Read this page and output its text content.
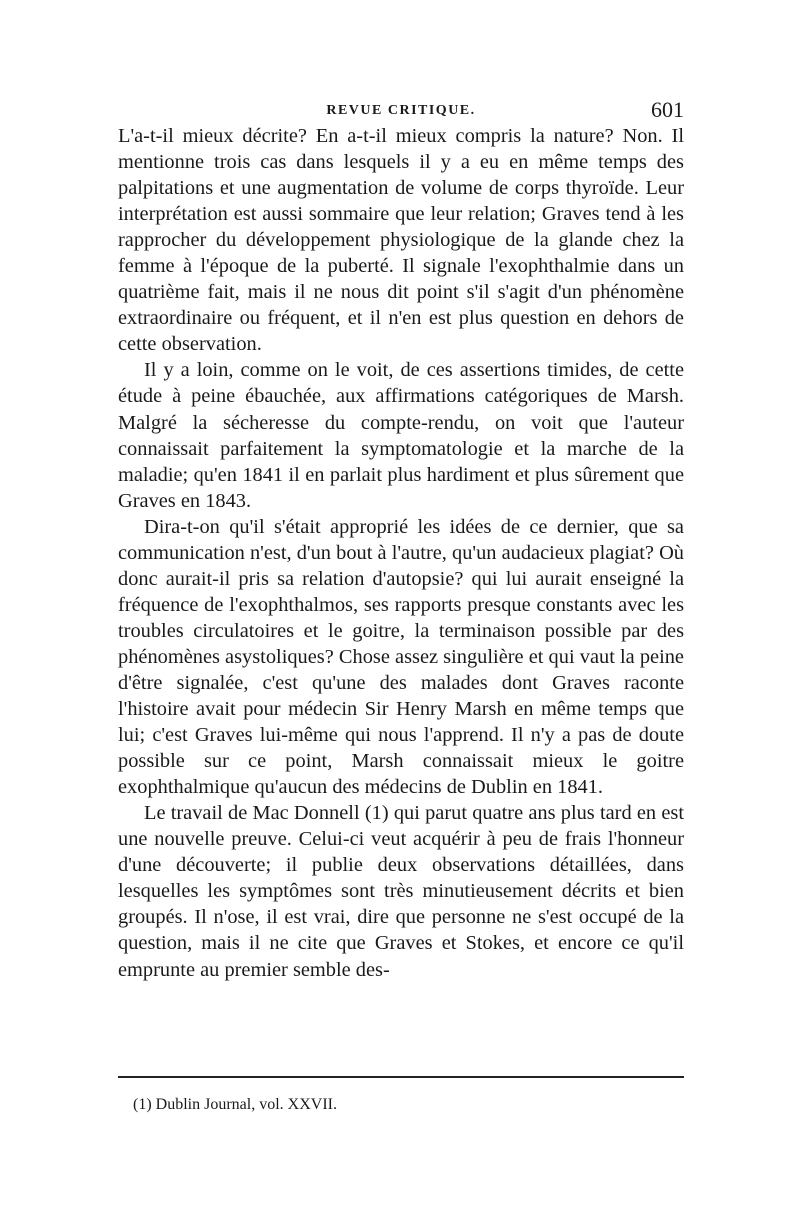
REVUE CRITIQUE.	601

L'a-t-il mieux décrite? En a-t-il mieux compris la nature? Non. Il mentionne trois cas dans lesquels il y a eu en même temps des palpitations et une augmentation de volume de corps thyroïde. Leur interprétation est aussi sommaire que leur relation; Graves tend à les rapprocher du développement physiologique de la glande chez la femme à l'époque de la puberté. Il signale l'exophthalmie dans un quatrième fait, mais il ne nous dit point s'il s'agit d'un phénomène extraordinaire ou fréquent, et il n'en est plus question en dehors de cette observation.

Il y a loin, comme on le voit, de ces assertions timides, de cette étude à peine ébauchée, aux affirmations catégoriques de Marsh. Malgré la sécheresse du compte-rendu, on voit que l'auteur connaissait parfaitement la symptomatologie et la marche de la maladie; qu'en 1841 il en parlait plus hardiment et plus sûrement que Graves en 1843.

Dira-t-on qu'il s'était approprié les idées de ce dernier, que sa communication n'est, d'un bout à l'autre, qu'un audacieux plagiat? Où donc aurait-il pris sa relation d'autopsie? qui lui aurait enseigné la fréquence de l'exophthalmos, ses rapports presque constants avec les troubles circulatoires et le goitre, la terminaison possible par des phénomènes asystoliques? Chose assez singulière et qui vaut la peine d'être signalée, c'est qu'une des malades dont Graves raconte l'histoire avait pour médecin Sir Henry Marsh en même temps que lui; c'est Graves lui-même qui nous l'apprend. Il n'y a pas de doute possible sur ce point, Marsh connaissait mieux le goitre exophthalmique qu'aucun des médecins de Dublin en 1841.

Le travail de Mac Donnell (1) qui parut quatre ans plus tard en est une nouvelle preuve. Celui-ci veut acquérir à peu de frais l'honneur d'une découverte; il publie deux observations détaillées, dans lesquelles les symptômes sont très minutieusement décrits et bien groupés. Il n'ose, il est vrai, dire que personne ne s'est occupé de la question, mais il ne cite que Graves et Stokes, et encore ce qu'il emprunte au premier semble des-

(1) Dublin Journal, vol. XXVII.
